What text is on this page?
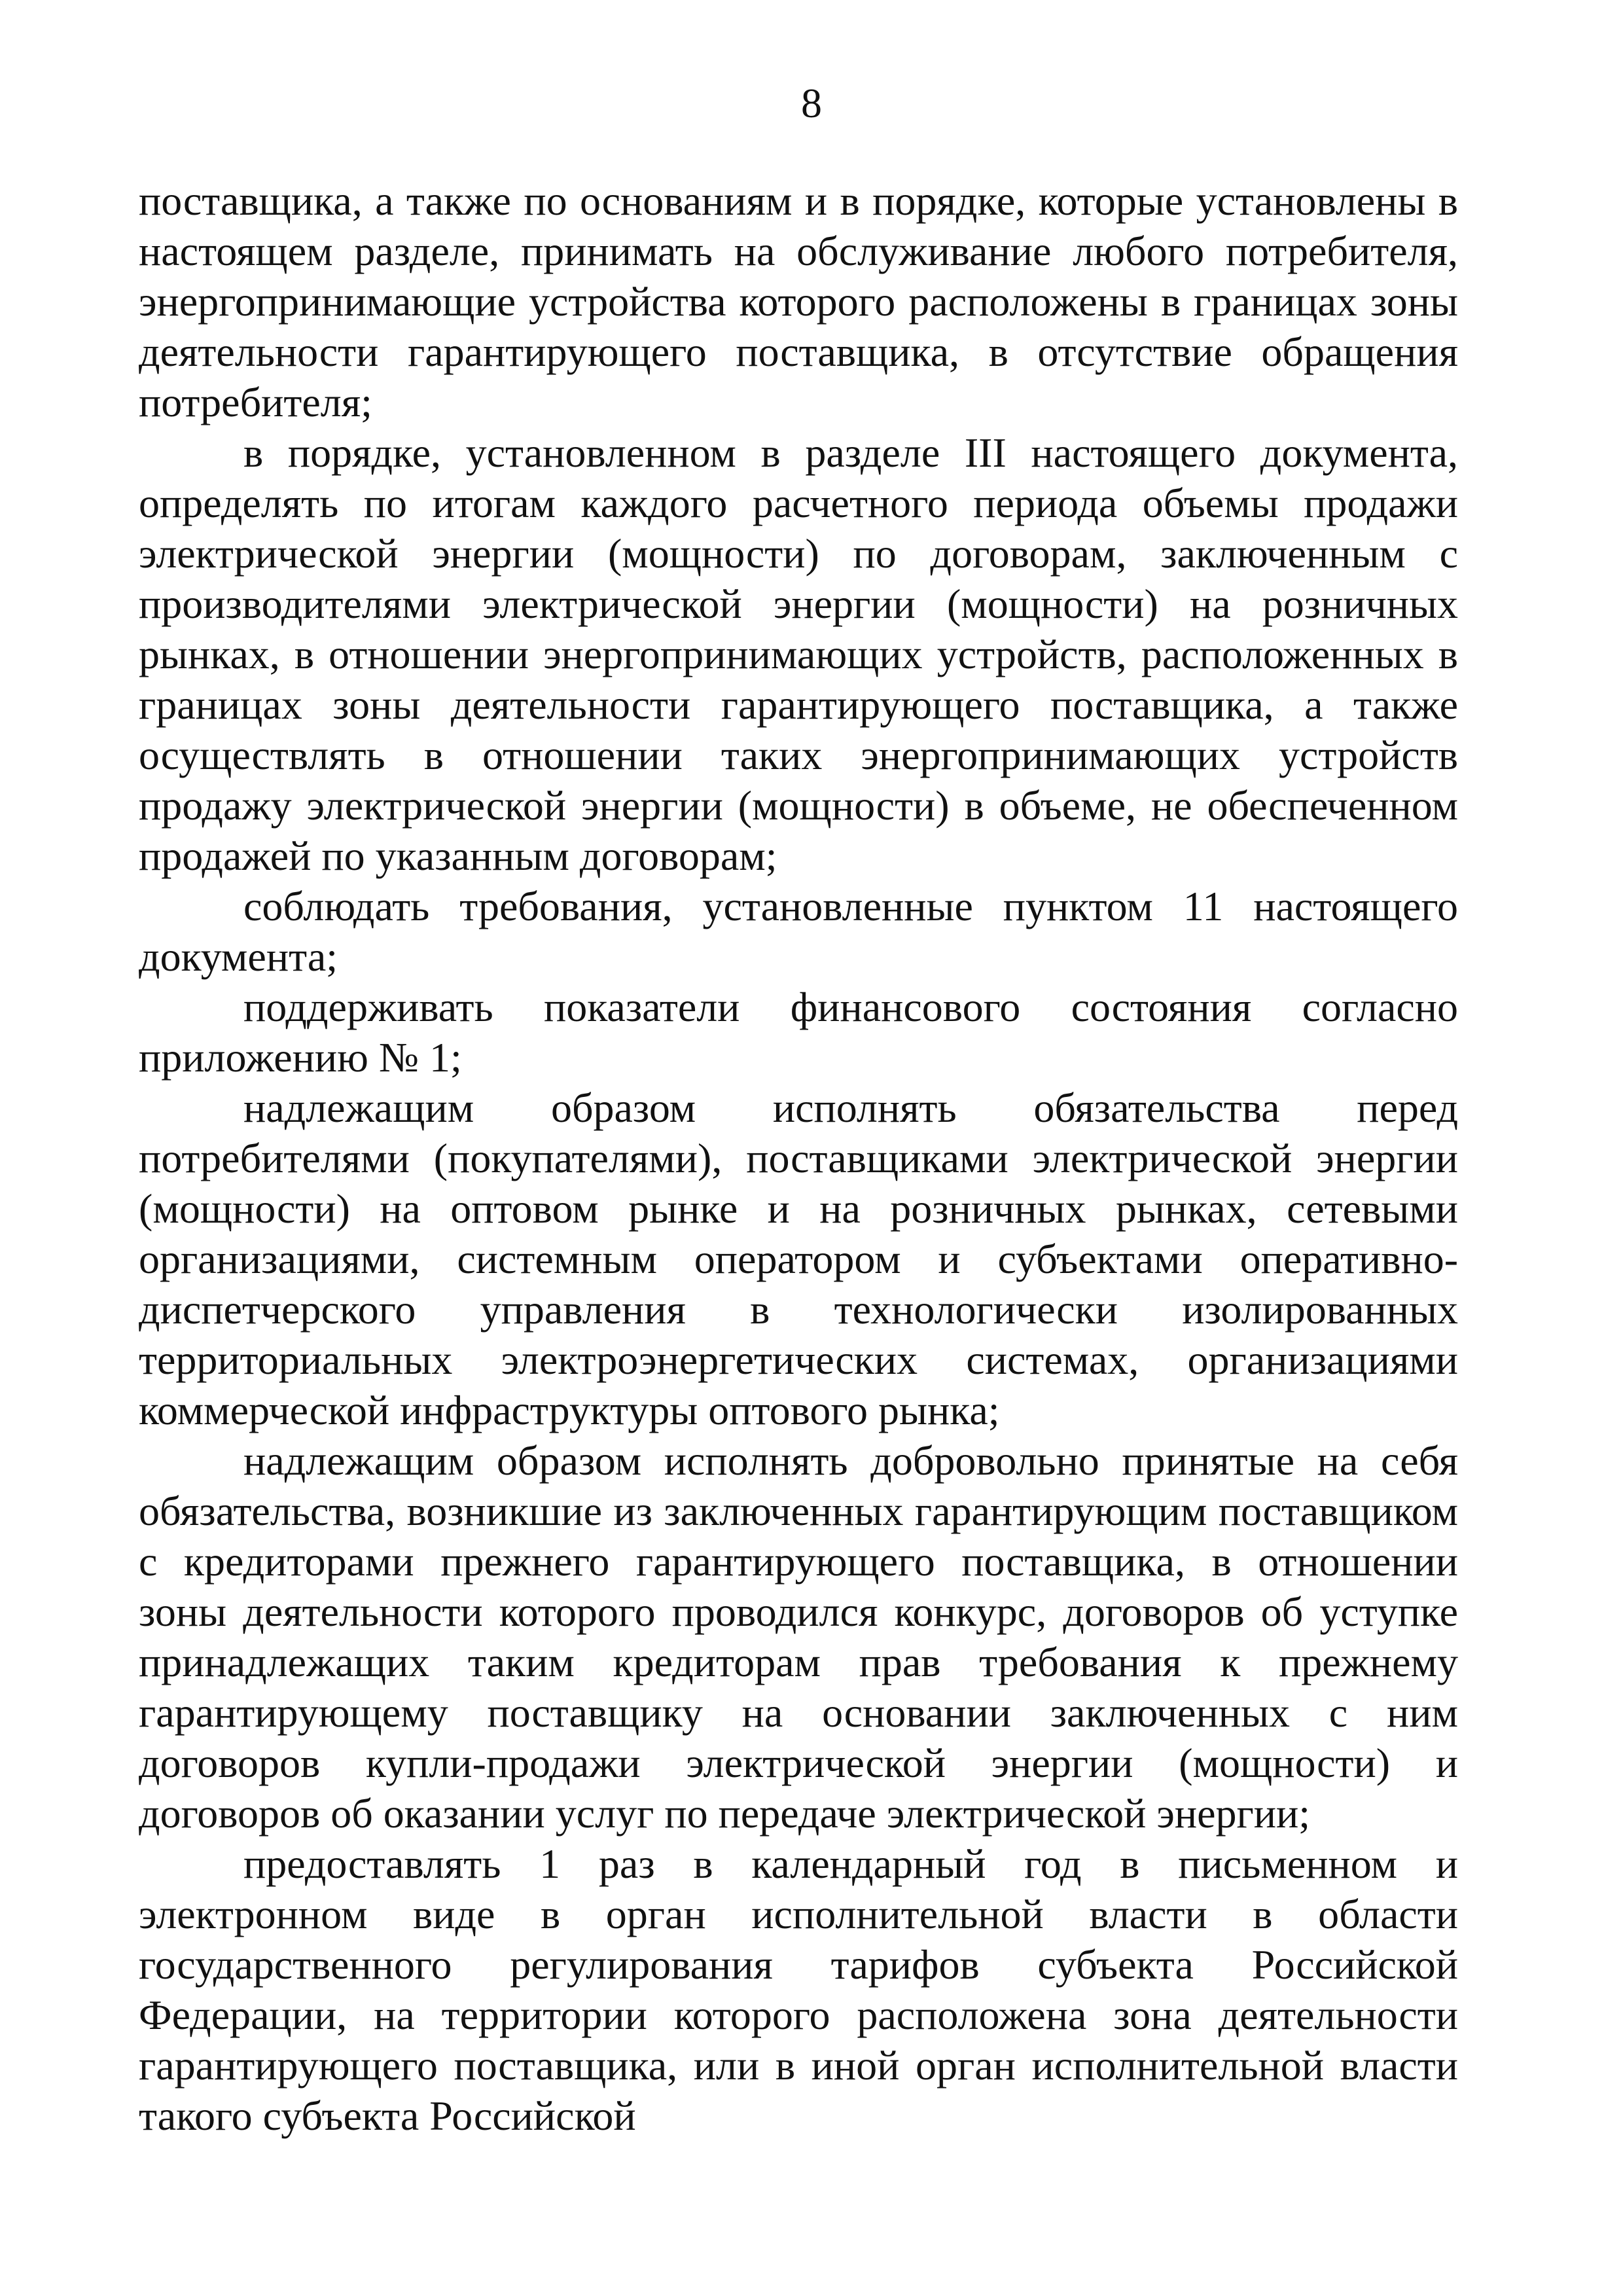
8

поставщика, а также по основаниям и в порядке, которые установлены в настоящем разделе, принимать на обслуживание любого потребителя, энергопринимающие устройства которого расположены в границах зоны деятельности гарантирующего поставщика, в отсутствие обращения потребителя;

в порядке, установленном в разделе III настоящего документа, определять по итогам каждого расчетного периода объемы продажи электрической энергии (мощности) по договорам, заключенным с производителями электрической энергии (мощности) на розничных рынках, в отношении энергопринимающих устройств, расположенных в границах зоны деятельности гарантирующего поставщика, а также осуществлять в отношении таких энергопринимающих устройств продажу электрической энергии (мощности) в объеме, не обеспеченном продажей по указанным договорам;

соблюдать требования, установленные пунктом 11 настоящего документа;

поддерживать показатели финансового состояния согласно приложению № 1;

надлежащим образом исполнять обязательства перед потребителями (покупателями), поставщиками электрической энергии (мощности) на оптовом рынке и на розничных рынках, сетевыми организациями, системным оператором и субъектами оперативно-диспетчерского управления в технологически изолированных территориальных электроэнергетических системах, организациями коммерческой инфраструктуры оптового рынка;

надлежащим образом исполнять добровольно принятые на себя обязательства, возникшие из заключенных гарантирующим поставщиком с кредиторами прежнего гарантирующего поставщика, в отношении зоны деятельности которого проводился конкурс, договоров об уступке принадлежащих таким кредиторам прав требования к прежнему гарантирующему поставщику на основании заключенных с ним договоров купли-продажи электрической энергии (мощности) и договоров об оказании услуг по передаче электрической энергии;

предоставлять 1 раз в календарный год в письменном и электронном виде в орган исполнительной власти в области государственного регулирования тарифов субъекта Российской Федерации, на территории которого расположена зона деятельности гарантирующего поставщика, или в иной орган исполнительной власти такого субъекта Российской
